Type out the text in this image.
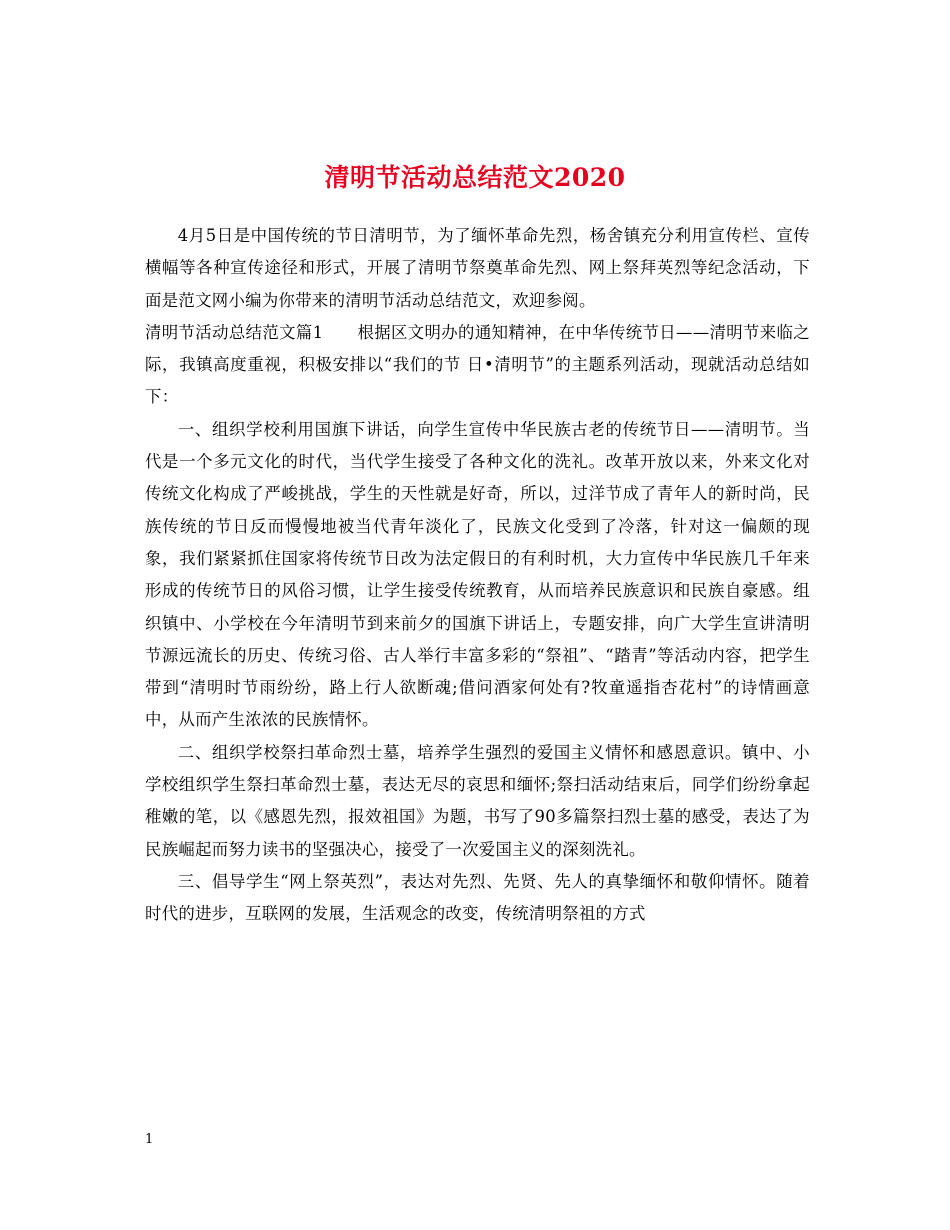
清明节活动总结范文2020

4月5日是中国传统的节日清明节，为了缅怀革命先烈，杨舍镇充分利用宣传栏、宣传横幅等各种宣传途径和形式，开展了清明节祭奠革命先烈、网上祭拜英烈等纪念活动，下面是范文网小编为你带来的清明节活动总结范文，欢迎参阅。

清明节活动总结范文篇1 根据区文明办的通知精神，在中华传统节日——清明节来临之际，我镇高度重视，积极安排以“我们的节 日•清明节”的主题系列活动，现就活动总结如下：

一、组织学校利用国旗下讲话，向学生宣传中华民族古老的传统节日——清明节。当代是一个多元文化的时代，当代学生接受了各种文化的洗礼。改革开放以来，外来文化对传统文化构成了严峻挑战，学生的天性就是好奇，所以，过洋节成了青年人的新时尚，民族传统的节日反而慢慢地被当代青年淡化了，民族文化受到了冷落，针对这一偏颇的现象，我们紧紧抓住国家将传统节日改为法定假日的有利时机，大力宣传中华民族几千年来形成的传统节日的风俗习惯，让学生接受传统教育，从而培养民族意识和民族自豪感。组织镇中、小学校在今年清明节到来前夕的国旗下讲话上，专题安排，向广大学生宣讲清明节源远流长的历史、传统习俗、古人举行丰富多彩的“祭祖”、“踏青”等活动内容，把学生带到“清明时节雨纷纷，路上行人欲断魂;借问酒家何处有?牧童遥指杏花村”的诗情画意中，从而产生浓浓的民族情怀。

二、组织学校祭扫革命烈士墓，培养学生强烈的爱国主义情怀和感恩意识。镇中、小学校组织学生祭扫革命烈士墓，表达无尽的哀思和缅怀;祭扫活动结束后，同学们纷纷拿起稚嫩的笔，以《感恩先烈，报效祖国》为题，书写了90多篇祭扫烈士墓的感受，表达了为民族崛起而努力读书的坚强决心，接受了一次爱国主义的深刻洗礼。

三、倡导学生“网上祭英烈”，表达对先烈、先贤、先人的真挚缅怀和敬仰情怀。随着时代的进步，互联网的发展，生活观念的改变，传统清明祭祖的方式

1
